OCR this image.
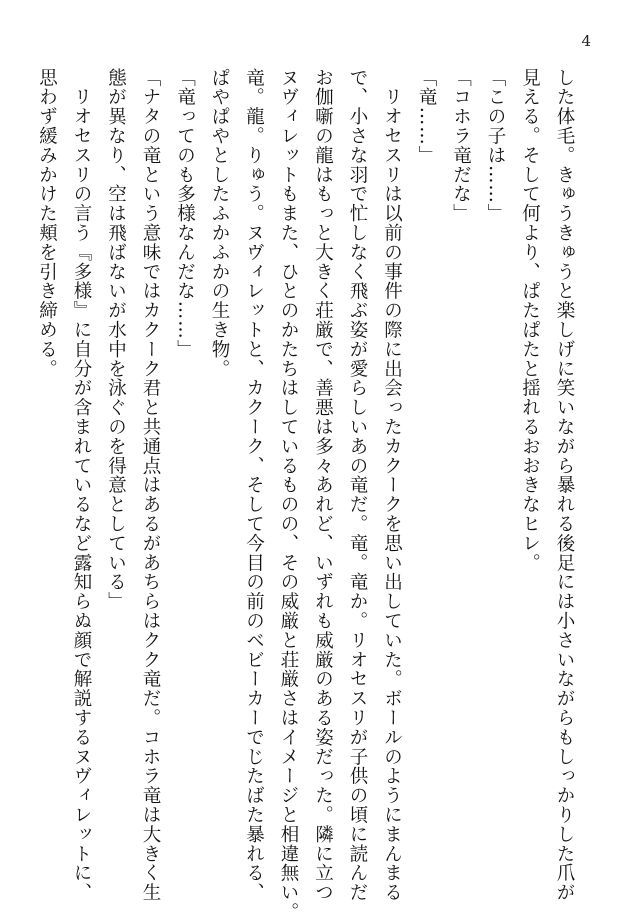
4

した体毛。きゅうきゅうと楽しげに笑いながら暴れる後足には小さいながらもしっかりした爪が

見える。そして何より、ぱたぱたと揺れるおおきなヒレ。

「この子は……」

「コホラ竜だな」

「竜……」

　リオセスリは以前の事件の際に出会ったカクークを思い出していた。ボールのようにまんまる

で、小さな羽で忙しなく飛ぶ姿が愛らしいあの竜だ。竜。竜か。リオセスリが子供の頃に読んだ

お伽噺の龍はもっと大きく荘厳で、善悪は多々あれど、いずれも威厳のある姿だった。隣に立つ

ヌヴィレットもまた、ひとのかたちはしているものの、その威厳と荘厳さはイメージと相違無い。

竜。龍。りゅう。ヌヴィレットと、カクーク、そして今目の前のベビーカーでじたばた暴れる、

ぱやぱやとしたふかふかの生き物。

「竜ってのも多様なんだな……」

「ナタの竜という意味ではカクーク君と共通点はあるがあちらはクク竜だ。コホラ竜は大きく生

態が異なり、空は飛ばないが水中を泳ぐのを得意としている」

　リオセスリの言う『多様』に自分が含まれているなど露知らぬ顔で解説するヌヴィレットに、

思わず緩みかけた頬を引き締める。
